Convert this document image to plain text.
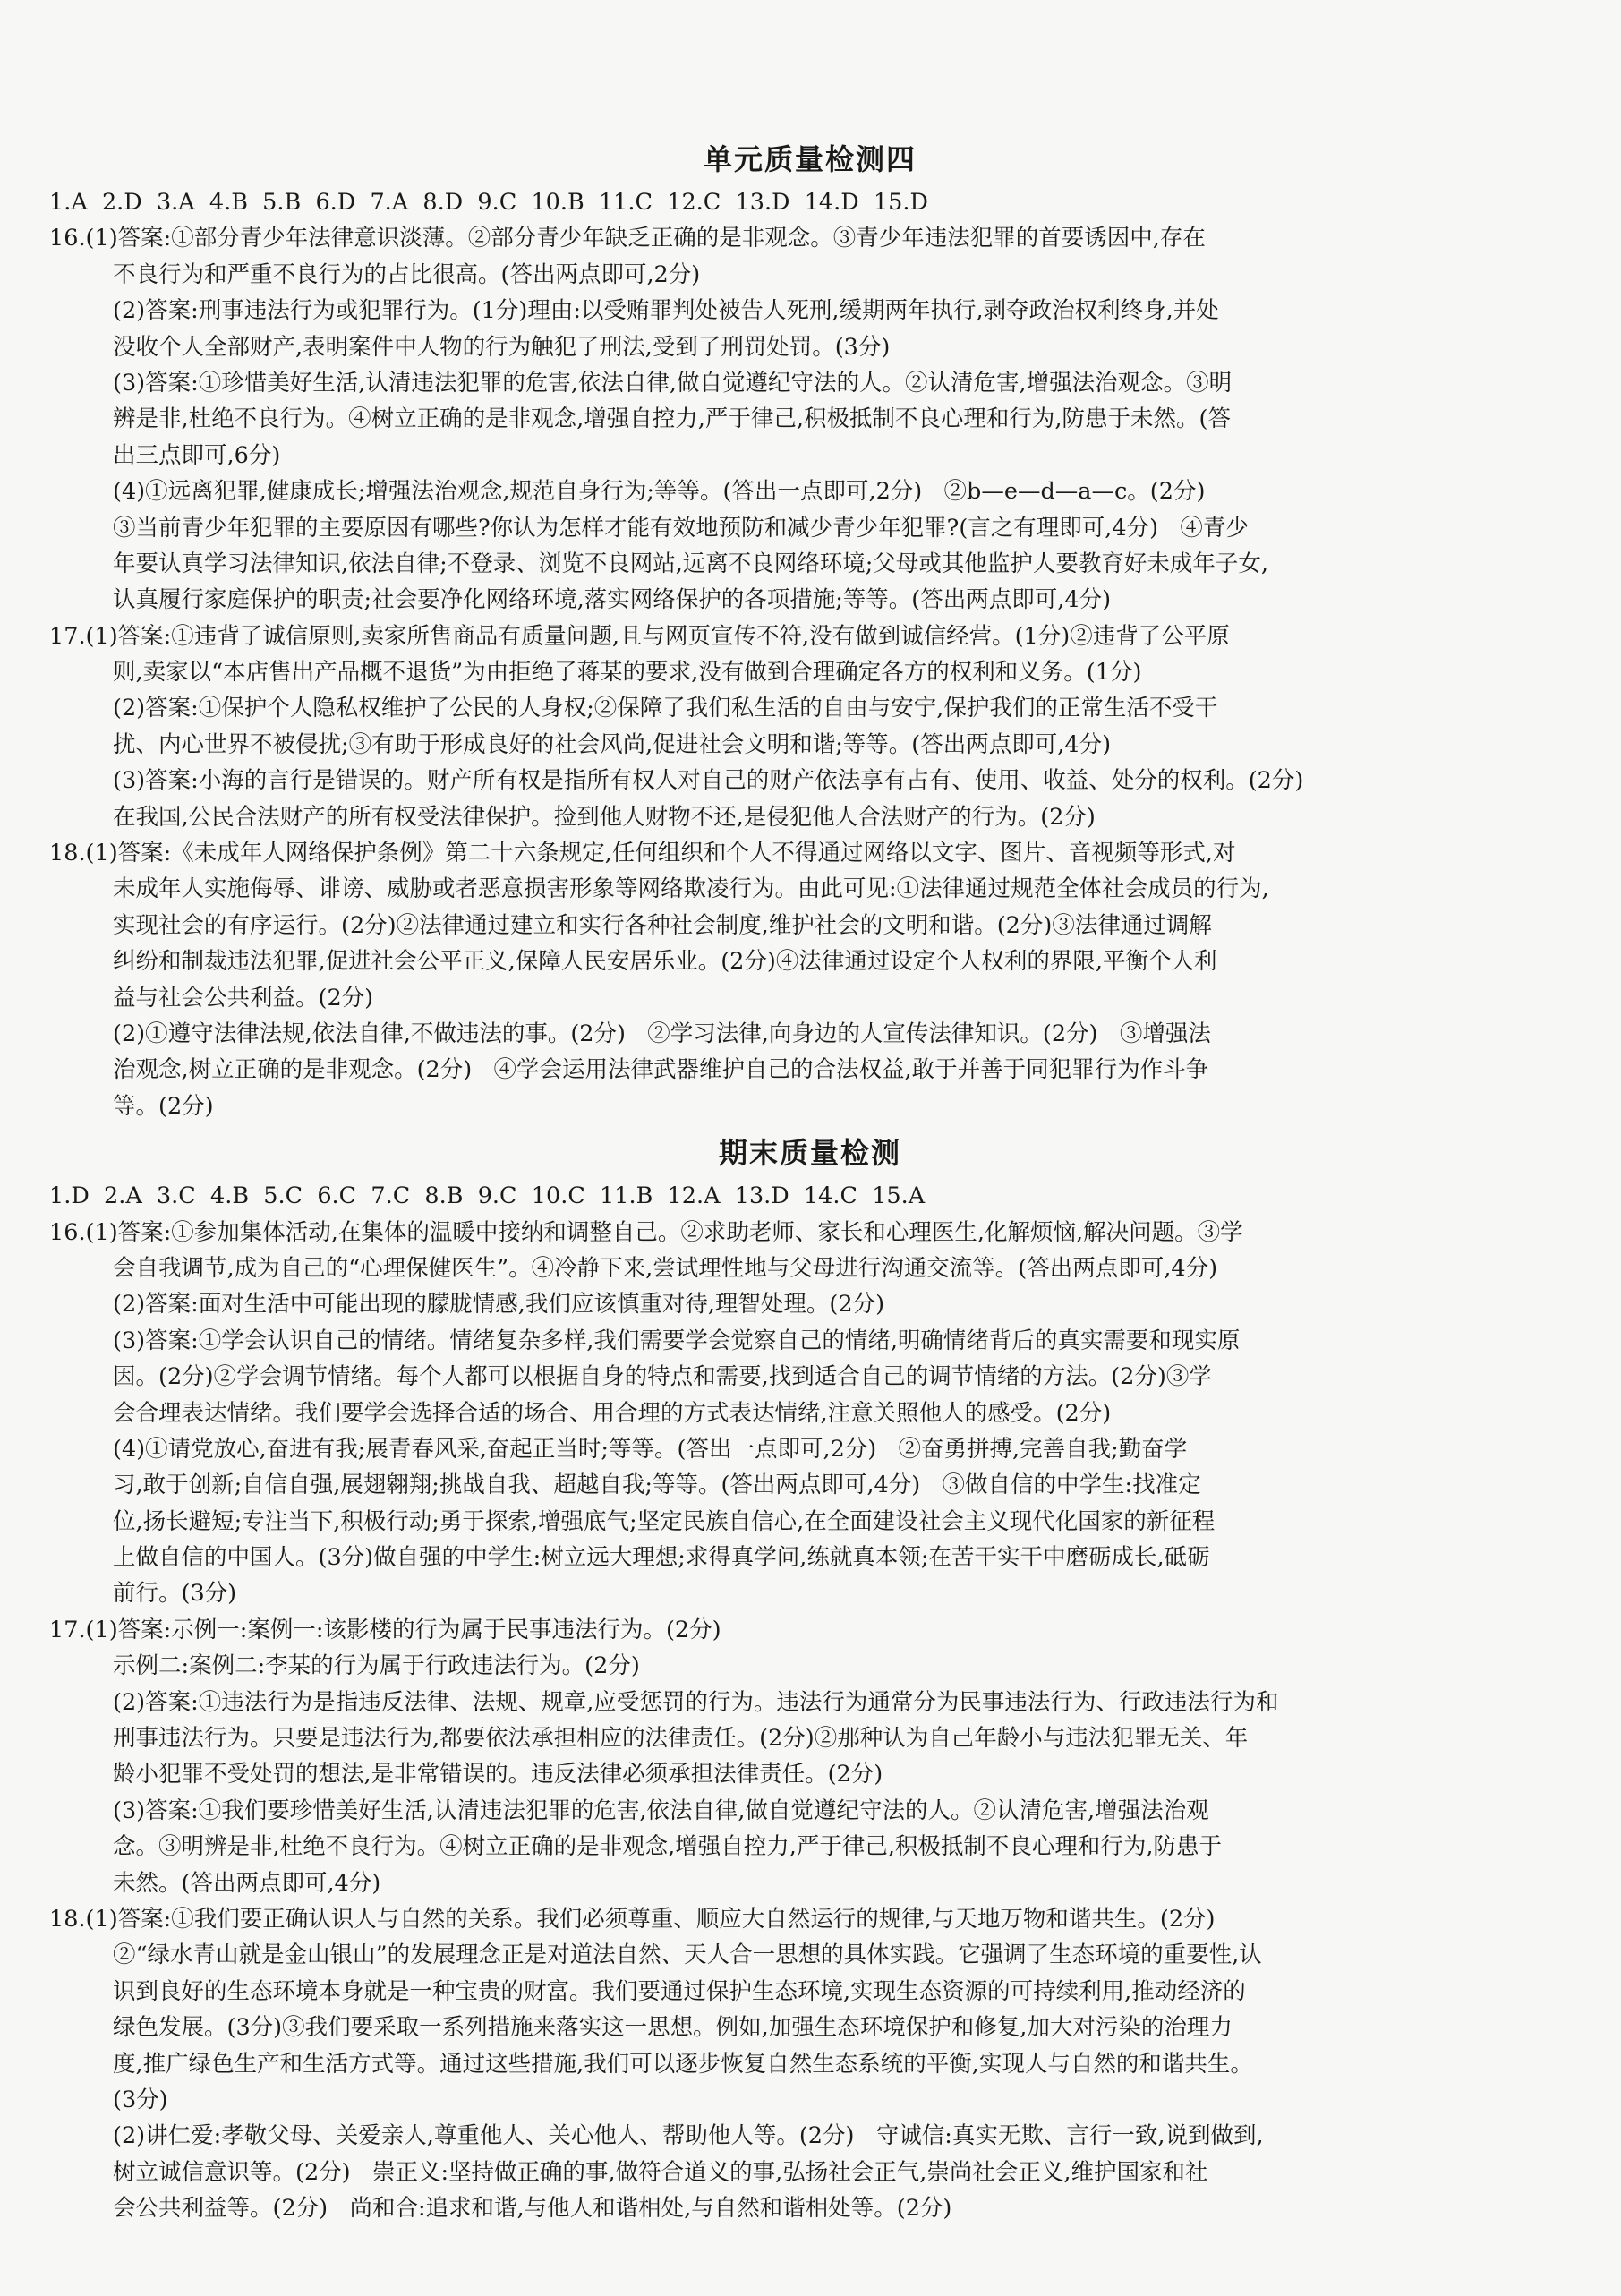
单元质量检测四
1.A  2.D  3.A  4.B  5.B  6.D  7.A  8.D  9.C  10.B  11.C  12.C  13.D  14.D  15.D
16.(1)答案:①部分青少年法律意识淡薄。②部分青少年缺乏正确的是非观念。③青少年违法犯罪的首要诱因中,存在
不良行为和严重不良行为的占比很高。(答出两点即可,2分)
(2)答案:刑事违法行为或犯罪行为。(1分)理由:以受贿罪判处被告人死刑,缓期两年执行,剥夺政治权利终身,并处
没收个人全部财产,表明案件中人物的行为触犯了刑法,受到了刑罚处罚。(3分)
(3)答案:①珍惜美好生活,认清违法犯罪的危害,依法自律,做自觉遵纪守法的人。②认清危害,增强法治观念。③明
辨是非,杜绝不良行为。④树立正确的是非观念,增强自控力,严于律己,积极抵制不良心理和行为,防患于未然。(答
出三点即可,6分)
(4)①远离犯罪,健康成长;增强法治观念,规范自身行为;等等。(答出一点即可,2分)   ②b—e—d—a—c。(2分)
③当前青少年犯罪的主要原因有哪些?你认为怎样才能有效地预防和减少青少年犯罪?(言之有理即可,4分)   ④青少
年要认真学习法律知识,依法自律;不登录、浏览不良网站,远离不良网络环境;父母或其他监护人要教育好未成年子女,
认真履行家庭保护的职责;社会要净化网络环境,落实网络保护的各项措施;等等。(答出两点即可,4分)
17.(1)答案:①违背了诚信原则,卖家所售商品有质量问题,且与网页宣传不符,没有做到诚信经营。(1分)②违背了公平原
则,卖家以“本店售出产品概不退货”为由拒绝了蒋某的要求,没有做到合理确定各方的权利和义务。(1分)
(2)答案:①保护个人隐私权维护了公民的人身权;②保障了我们私生活的自由与安宁,保护我们的正常生活不受干
扰、内心世界不被侵扰;③有助于形成良好的社会风尚,促进社会文明和谐;等等。(答出两点即可,4分)
(3)答案:小海的言行是错误的。财产所有权是指所有权人对自己的财产依法享有占有、使用、收益、处分的权利。(2分)
在我国,公民合法财产的所有权受法律保护。捡到他人财物不还,是侵犯他人合法财产的行为。(2分)
18.(1)答案:《未成年人网络保护条例》第二十六条规定,任何组织和个人不得通过网络以文字、图片、音视频等形式,对
未成年人实施侮辱、诽谤、威胁或者恶意损害形象等网络欺凌行为。由此可见:①法律通过规范全体社会成员的行为,
实现社会的有序运行。(2分)②法律通过建立和实行各种社会制度,维护社会的文明和谐。(2分)③法律通过调解
纠纷和制裁违法犯罪,促进社会公平正义,保障人民安居乐业。(2分)④法律通过设定个人权利的界限,平衡个人利
益与社会公共利益。(2分)
(2)①遵守法律法规,依法自律,不做违法的事。(2分)   ②学习法律,向身边的人宣传法律知识。(2分)   ③增强法
治观念,树立正确的是非观念。(2分)   ④学会运用法律武器维护自己的合法权益,敢于并善于同犯罪行为作斗争
等。(2分)
期末质量检测
1.D  2.A  3.C  4.B  5.C  6.C  7.C  8.B  9.C  10.C  11.B  12.A  13.D  14.C  15.A
16.(1)答案:①参加集体活动,在集体的温暖中接纳和调整自己。②求助老师、家长和心理医生,化解烦恼,解决问题。③学
会自我调节,成为自己的“心理保健医生”。④冷静下来,尝试理性地与父母进行沟通交流等。(答出两点即可,4分)
(2)答案:面对生活中可能出现的朦胧情感,我们应该慎重对待,理智处理。(2分)
(3)答案:①学会认识自己的情绪。情绪复杂多样,我们需要学会觉察自己的情绪,明确情绪背后的真实需要和现实原
因。(2分)②学会调节情绪。每个人都可以根据自身的特点和需要,找到适合自己的调节情绪的方法。(2分)③学
会合理表达情绪。我们要学会选择合适的场合、用合理的方式表达情绪,注意关照他人的感受。(2分)
(4)①请党放心,奋进有我;展青春风采,奋起正当时;等等。(答出一点即可,2分)   ②奋勇拼搏,完善自我;勤奋学
习,敢于创新;自信自强,展翅翱翔;挑战自我、超越自我;等等。(答出两点即可,4分)   ③做自信的中学生:找准定
位,扬长避短;专注当下,积极行动;勇于探索,增强底气;坚定民族自信心,在全面建设社会主义现代化国家的新征程
上做自信的中国人。(3分)做自强的中学生:树立远大理想;求得真学问,练就真本领;在苦干实干中磨砺成长,砥砺
前行。(3分)
17.(1)答案:示例一:案例一:该影楼的行为属于民事违法行为。(2分)
示例二:案例二:李某的行为属于行政违法行为。(2分)
(2)答案:①违法行为是指违反法律、法规、规章,应受惩罚的行为。违法行为通常分为民事违法行为、行政违法行为和
刑事违法行为。只要是违法行为,都要依法承担相应的法律责任。(2分)②那种认为自己年龄小与违法犯罪无关、年
龄小犯罪不受处罚的想法,是非常错误的。违反法律必须承担法律责任。(2分)
(3)答案:①我们要珍惜美好生活,认清违法犯罪的危害,依法自律,做自觉遵纪守法的人。②认清危害,增强法治观
念。③明辨是非,杜绝不良行为。④树立正确的是非观念,增强自控力,严于律己,积极抵制不良心理和行为,防患于
未然。(答出两点即可,4分)
18.(1)答案:①我们要正确认识人与自然的关系。我们必须尊重、顺应大自然运行的规律,与天地万物和谐共生。(2分)
②“绿水青山就是金山银山”的发展理念正是对道法自然、天人合一思想的具体实践。它强调了生态环境的重要性,认
识到良好的生态环境本身就是一种宝贵的财富。我们要通过保护生态环境,实现生态资源的可持续利用,推动经济的
绿色发展。(3分)③我们要采取一系列措施来落实这一思想。例如,加强生态环境保护和修复,加大对污染的治理力
度,推广绿色生产和生活方式等。通过这些措施,我们可以逐步恢复自然生态系统的平衡,实现人与自然的和谐共生。
(3分)
(2)讲仁爱:孝敬父母、关爱亲人,尊重他人、关心他人、帮助他人等。(2分)   守诚信:真实无欺、言行一致,说到做到,
树立诚信意识等。(2分)   崇正义:坚持做正确的事,做符合道义的事,弘扬社会正气,崇尚社会正义,维护国家和社
会公共利益等。(2分)   尚和合:追求和谐,与他人和谐相处,与自然和谐相处等。(2分)
